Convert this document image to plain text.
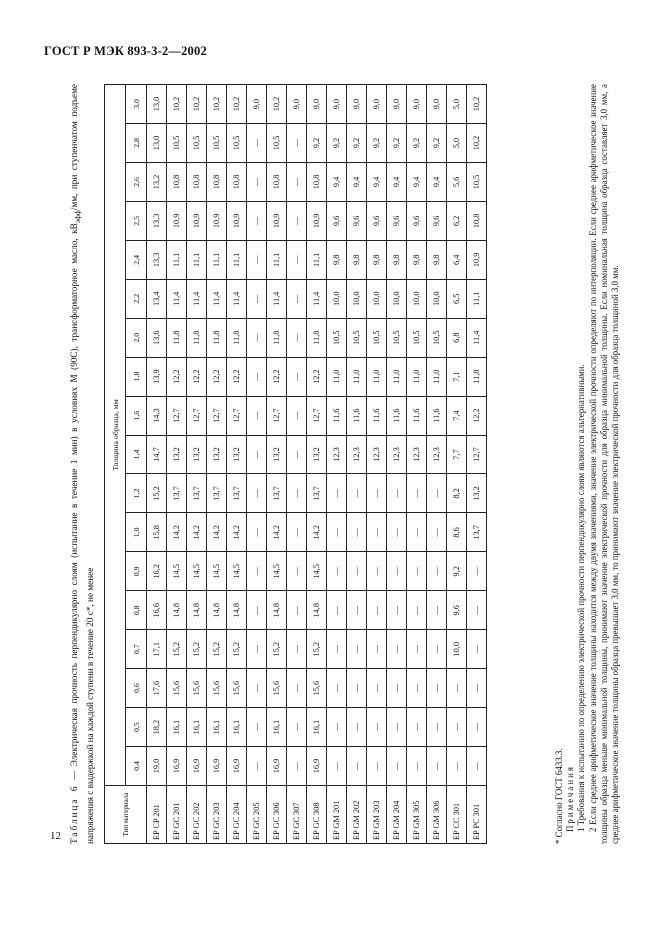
ГОСТ Р МЭК 893-3-2—2002
12 Таблица 6 — Электрическая прочность перпендикулярно слоям (испытание в течение 1 мин) в условиях М (90С), трансформаторное масло, $кВ_{эфф}/мм$, при ступенчатом подъеме напряжения с выдержкой на каждой ступени в течение 20 с*, не менее	Тип материала	Толщина образца, мм																	
	0,4	0,5	0,6	0,7	0,8	0,9	1,0	1,2	1,4	1,6	1,8	2,0	2,2	2,4	2,5	2,6	2,8	3,0
EP CP 201	19,0	18,2	17,6	17,1	16,6	16,2	15,8	15,2	14,7	14,3	13,9	13,6	13,4	13,3	13,3	13,2	13,0	13,0
EP GC 201	16,9	16,1	15,6	15,2	14,8	14,5	14,2	13,7	13,2	12,7	12,2	11,8	11,4	11,1	10,9	10,8	10,5	10,2
EP GC 202	16,9	16,1	15,6	15,2	14,8	14,5	14,2	13,7	13,2	12,7	12,2	11,8	11,4	11,1	10,9	10,8	10,5	10,2
EP GC 203	16,9	16,1	15,6	15,2	14,8	14,5	14,2	13,7	13,2	12,7	12,2	11,8	11,4	11,1	10,9	10,8	10,5	10,2
EP GC 204	16,9	16,1	15,6	15,2	14,8	14,5	14,2	13,7	13,2	12,7	12,2	11,8	11,4	11,1	10,9	10,8	10,5	10,2
EP GC 205	—	—	—	—	—	—	—	—	—	—	—	—	—	—	—	—	—	9,0
EP GC 306	16,9	16,1	15,6	15,2	14,8	14,5	14,2	13,7	13,2	12,7	12,2	11,8	11,4	11,1	10,9	10,8	10,5	10,2
EP GC 307	—	—	—	—	—	—	—	—	—	—	—	—	—	—	—	—	—	9,0
EP GC 308	16,9	16,1	15,6	15,2	14,8	14,5	14,2	13,7	13,2	12,7	12,2	11,8	11,4	11,1	10,9	10,8	9,2	9,0
EP GM 201	—	—	—	—	—	—	—	—	12,3	11,6	11,0	10,5	10,0	9,8	9,6	9,4	9,2	9,0
EP GM 202	—	—	—	—	—	—	—	—	12,3	11,6	11,0	10,5	10,0	9,8	9,6	9,4	9,2	9,0
EP GM 203	—	—	—	—	—	—	—	—	12,3	11,6	11,0	10,5	10,0	9,8	9,6	9,4	9,2	9,0
EP GM 204	—	—	—	—	—	—	—	—	12,3	11,6	11,0	10,5	10,0	9,8	9,6	9,4	9,2	9,0
EP GM 305	—	—	—	—	—	—	—	—	12,3	11,6	11,0	10,5	10,0	9,8	9,6	9,4	9,2	9,0
EP GM 306	—	—	—	—	—	—	—	—	12,3	11,6	11,0	10,5	10,0	9,8	9,6	9,4	9,2	9,0
EP CC 301	—	—	—	10,0	9,6	9,2	8,6	8,2	7,7	7,4	7,1	6,8	6,5	6,4	6,2	5,6	5,0	5,0
EP PC 301	—	—	—	—	—	—	13,7	13,2	12,7	12,2	11,8	11,4	11,1	10,9	10,8	10,5	10,2	10,2
* Согласно ГОСТ 6433.3. Примечания 1 Требования к испытанию по определению электрической прочности перпендикулярно слоям являются альтернативными. 2 Если среднее арифметическое значение толщины находится между двумя значениями, значение электрической прочности определяют по интерполяции. Если среднее арифметическое значение толщины образца меньше минимальной толщины, принимают значение электрической прочности для образца минимальной толщины. Если номинальная толщина образца составляет 3,0 мм, а среднее арифметическое значение толщины образца превышает 3,0 мм, то принимают значение электрической прочности для образца толщиной 3,0 мм.
